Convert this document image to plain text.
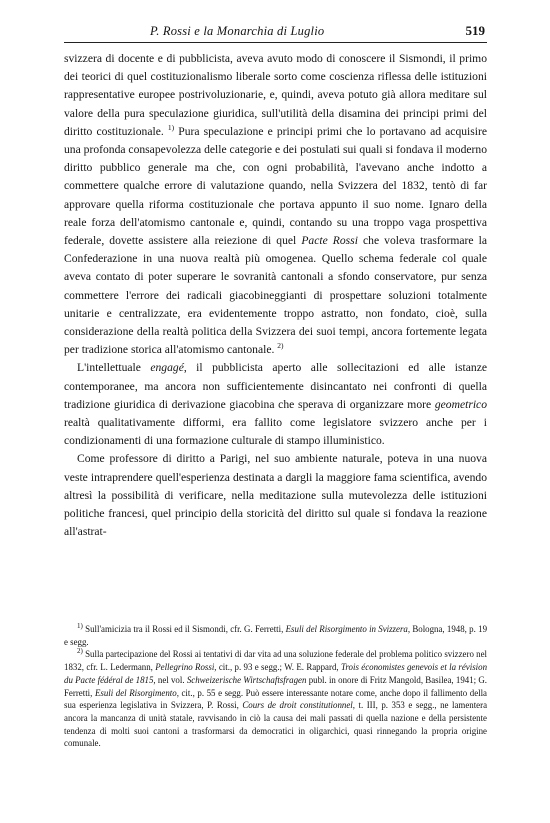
P. Rossi e la Monarchia di Luglio	519

svizzera di docente e di pubblicista, aveva avuto modo di conoscere il Sismondi, il primo dei teorici di quel costituzionalismo liberale sorto come coscienza riflessa delle istituzioni rappresentative europee postrivoluzionarie, e, quindi, aveva potuto già allora meditare sul valore della pura speculazione giuridica, sull'utilità della disamina dei principi primi del diritto costituzionale. $^{1)}$ Pura speculazione e principi primi che lo portavano ad acquisire una profonda consapevolezza delle categorie e dei postulati sui quali si fondava il moderno diritto pubblico generale ma che, con ogni probabilità, l'avevano anche indotto a commettere qualche errore di valutazione quando, nella Svizzera del 1832, tentò di far approvare quella riforma costituzionale che portava appunto il suo nome. Ignaro della reale forza dell'atomismo cantonale e, quindi, contando su una troppo vaga prospettiva federale, dovette assistere alla reiezione di quel Pacte Rossi che voleva trasformare la Confederazione in una nuova realtà più omogenea. Quello schema federale col quale aveva contato di poter superare le sovranità cantonali a sfondo conservatore, pur senza commettere l'errore dei radicali giacobineggianti di prospettare soluzioni totalmente unitarie e centralizzate, era evidentemente troppo astratto, non fondato, cioè, sulla considerazione della realtà politica della Svizzera dei suoi tempi, ancora fortemente legata per tradizione storica all'atomismo cantonale. $^{2)}$

L'intellettuale engagé, il pubblicista aperto alle sollecitazioni ed alle istanze contemporanee, ma ancora non sufficientemente disincantato nei confronti di quella tradizione giuridica di derivazione giacobina che sperava di organizzare more geometrico realtà qualitativamente difformi, era fallito come legislatore svizzero anche per i condizionamenti di una formazione culturale di stampo illuministico.

Come professore di diritto a Parigi, nel suo ambiente naturale, poteva in una nuova veste intraprendere quell'esperienza destinata a dargli la maggiore fama scientifica, avendo altresì la possibilità di verificare, nella meditazione sulla mutevolezza delle istituzioni politiche francesi, quel principio della storicità del diritto sul quale si fondava la reazione all'astrat-

$^{1)}$ Sull'amicizia tra il Rossi ed il Sismondi, cfr. G. Ferretti, Esuli del Risorgimento in Svizzera, Bologna, 1948, p. 19 e segg.

$^{2)}$ Sulla partecipazione del Rossi ai tentativi di dar vita ad una soluzione federale del problema politico svizzero nel 1832, cfr. L. Ledermann, Pellegrino Rossi, cit., p. 93 e segg.; W. E. Rappard, Trois économistes genevois et la révision du Pacte fédéral de 1815, nel vol. Schweizerische Wirtschaftsfragen publ. in onore di Fritz Mangold, Basilea, 1941; G. Ferretti, Esuli del Risorgimento, cit., p. 55 e segg. Può essere interessante notare come, anche dopo il fallimento della sua esperienza legislativa in Svizzera, P. Rossi, Cours de droit constitutionnel, t. III, p. 353 e segg., ne lamentera ancora la mancanza di unità statale, ravvisando in ciò la causa dei mali passati di quella nazione e della persistente tendenza di molti suoi cantoni a trasformarsi da democratici in oligarchici, quasi rinnegando la propria origine comunale.
